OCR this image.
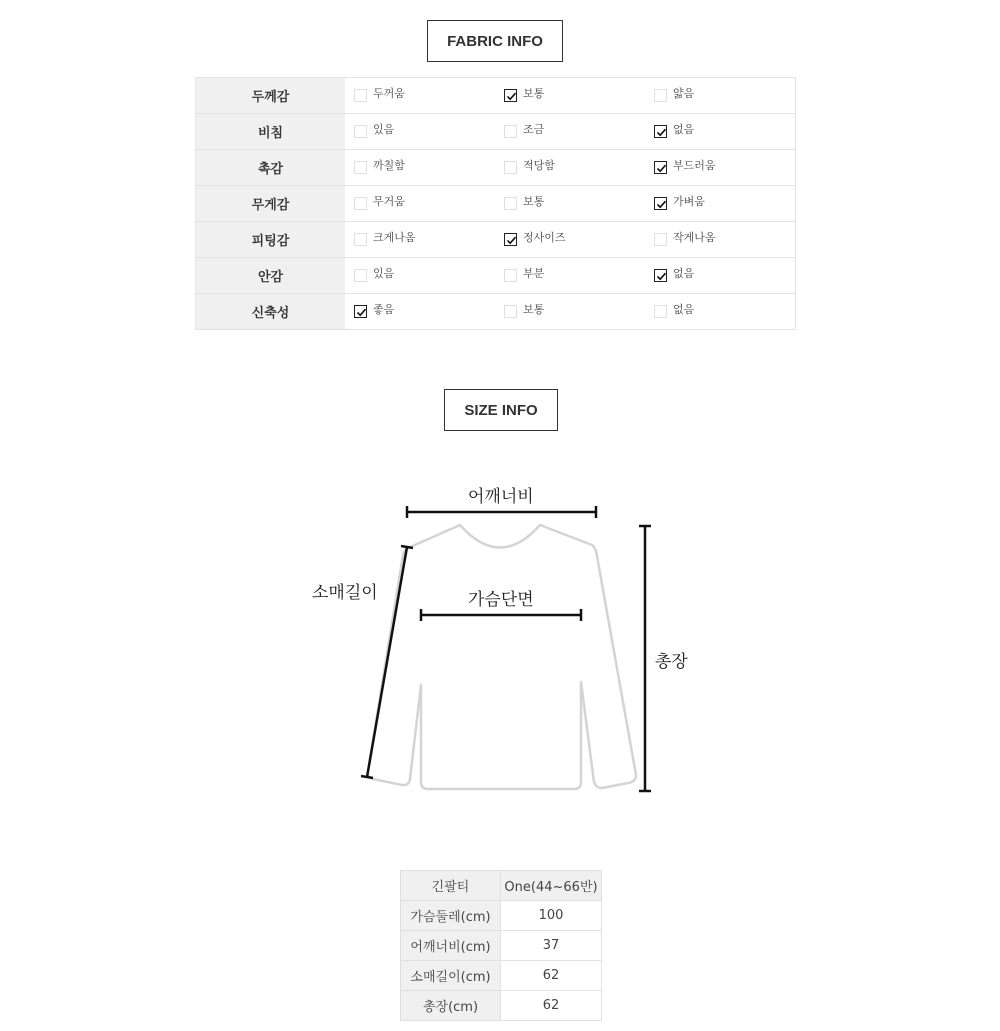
FABRIC INFO
두께감	두꺼움	보통	얇음

비침	있음	조금	없음

촉감	까칠함	적당함	부드러움

무게감	무거움	보통	가벼움

피팅감	크게나옴	정사이즈	작게나옴

안감	있음	부분	없음

신축성	좋음	보통	없음
SIZE INFO
어깨너비
소매길이	가슴단면
총장
긴팔티	One(44~66반)
가슴둘레(cm)	100
어깨너비(cm)	37
소매길이(cm)	62
총장(cm)	62
